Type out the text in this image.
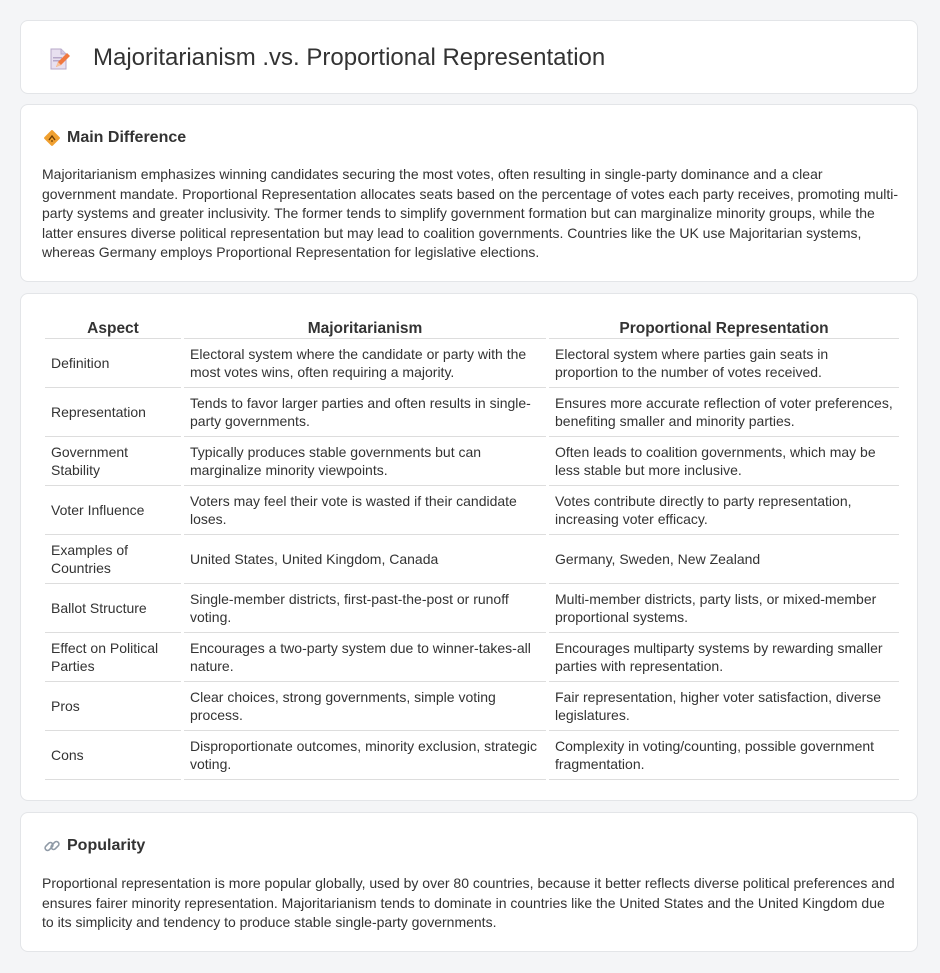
Majoritarianism .vs. Proportional Representation
Main Difference

Majoritarianism emphasizes winning candidates securing the most votes, often resulting in single-party dominance and a clear government mandate. Proportional Representation allocates seats based on the percentage of votes each party receives, promoting multi-party systems and greater inclusivity. The former tends to simplify government formation but can marginalize minority groups, while the latter ensures diverse political representation but may lead to coalition governments. Countries like the UK use Majoritarian systems, whereas Germany employs Proportional Representation for legislative elections.

Aspect	Majoritarianism	Proportional Representation
Definition	Electoral system where the candidate or party with the most votes wins, often requiring a majority.	Electoral system where parties gain seats in proportion to the number of votes received.
Representation	Tends to favor larger parties and often results in single-party governments.	Ensures more accurate reflection of voter preferences, benefiting smaller and minority parties.
Government Stability	Typically produces stable governments but can marginalize minority viewpoints.	Often leads to coalition governments, which may be less stable but more inclusive.
Voter Influence	Voters may feel their vote is wasted if their candidate loses.	Votes contribute directly to party representation, increasing voter efficacy.
Examples of Countries	United States, United Kingdom, Canada	Germany, Sweden, New Zealand
Ballot Structure	Single-member districts, first-past-the-post or runoff voting.	Multi-member districts, party lists, or mixed-member proportional systems.
Effect on Political Parties	Encourages a two-party system due to winner-takes-all nature.	Encourages multiparty systems by rewarding smaller parties with representation.
Pros	Clear choices, strong governments, simple voting process.	Fair representation, higher voter satisfaction, diverse legislatures.
Cons	Disproportionate outcomes, minority exclusion, strategic voting.	Complexity in voting/counting, possible government fragmentation.
Popularity

Proportional representation is more popular globally, used by over 80 countries, because it better reflects diverse political preferences and ensures fairer minority representation. Majoritarianism tends to dominate in countries like the United States and the United Kingdom due to its simplicity and tendency to produce stable single-party governments.
